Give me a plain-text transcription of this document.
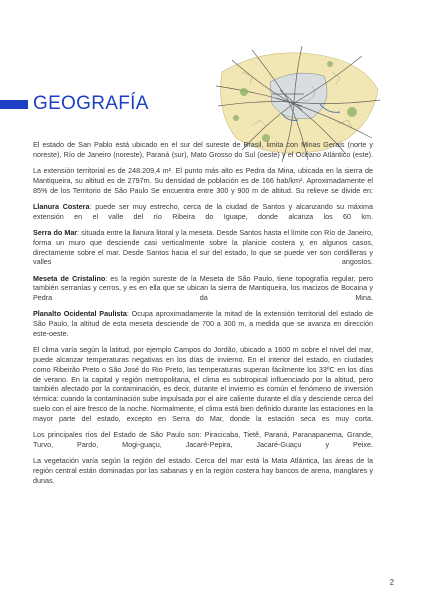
GEOGRAFÍA

El estado de San Pablo está ubicado en el sur del sureste de Brasil, limita con Minas Gerais (norte y noreste), Río de Janeiro (noreste), Paraná (sur), Mato Grosso do Sul (oeste) y el Océano Atlántico (este).

La extensión territorial es de 248.209,4 m². El punto más alto es Pedra da Mina, ubicada en la sierra de Mantiqueira, su altitud es de 2797m. Su densidad de población es de 166 hab/km². Aproximadamente el 85% de los Territorio de São Paulo Se encuentra entre 300 y 900 m de altitud. Su relieve se divide en:

Llanura Costera: puede ser muy estrecho, cerca de la ciudad de Santos y alcanzando su máxima extensión en el valle del río Ribeira do Iguape, donde alcanza los 60 km.

Serra do Mar: situada entre la llanura litoral y la meseta. Desde Santos hasta el límite con Río de Janeiro, forma un muro que desciende casi verticalmente sobre la planicie costera y, en algunos casos, directamente sobre el mar. Desde Santos hacia el sur del estado, lo que se puede ver son cordilleras y valles angostos.

Meseta de Cristalino: es la región sureste de la Meseta de São Paulo, tiene topografía regular, pero también serranías y cerros, y es en ella que se ubican la sierra de Mantiqueira, los macizos de Bocaina y Pedra da Mina.

Planalto Ocidental Paulista: Ocupa aproximadamente la mitad de la extensión territorial del estado de São Paulo, la altitud de esta meseta desciende de 700 a 300 m, a medida que se avanza en dirección este-oeste.

El clima varía según la latitud, por ejemplo Campos do Jordão, ubicado a 1600 m sobre el nivel del mar, puede alcanzar temperaturas negativas en los días de invierno. En el interior del estado, en ciudades como Ribeirão Preto o São José do Rio Preto, las temperaturas superan fácilmente los 33ºC en los días de verano. En la capital y región metropolitana, el clima es subtropical influenciado por la altitud, pero también afectado por la contaminación, es decir, durante el invierno es común el fenómeno de inversión térmica: cuando la contaminación sube impulsada por el aire caliente durante el día y desciende cerca del suelo con el aire fresco de la noche. Normalmente, el clima está bien definido durante las estaciones en la mayor parte del estado, excepto en Serra do Mar, donde la estación seca es muy corta.

Los principales ríos del Estado de São Paulo son: Piracicaba, Tietê, Paraná, Paranapanema, Grande, Turvo, Pardo, Mogi-guaçu, Jacaré-Pepira, Jacaré-Guaçu y Peixe.

La vegetación varía según la región del estado. Cerca del mar está la Mata Atlántica, las áreas de la región central están dominadas por las sabanas y en la región costera hay bancos de arena, manglares y dunas.

2
